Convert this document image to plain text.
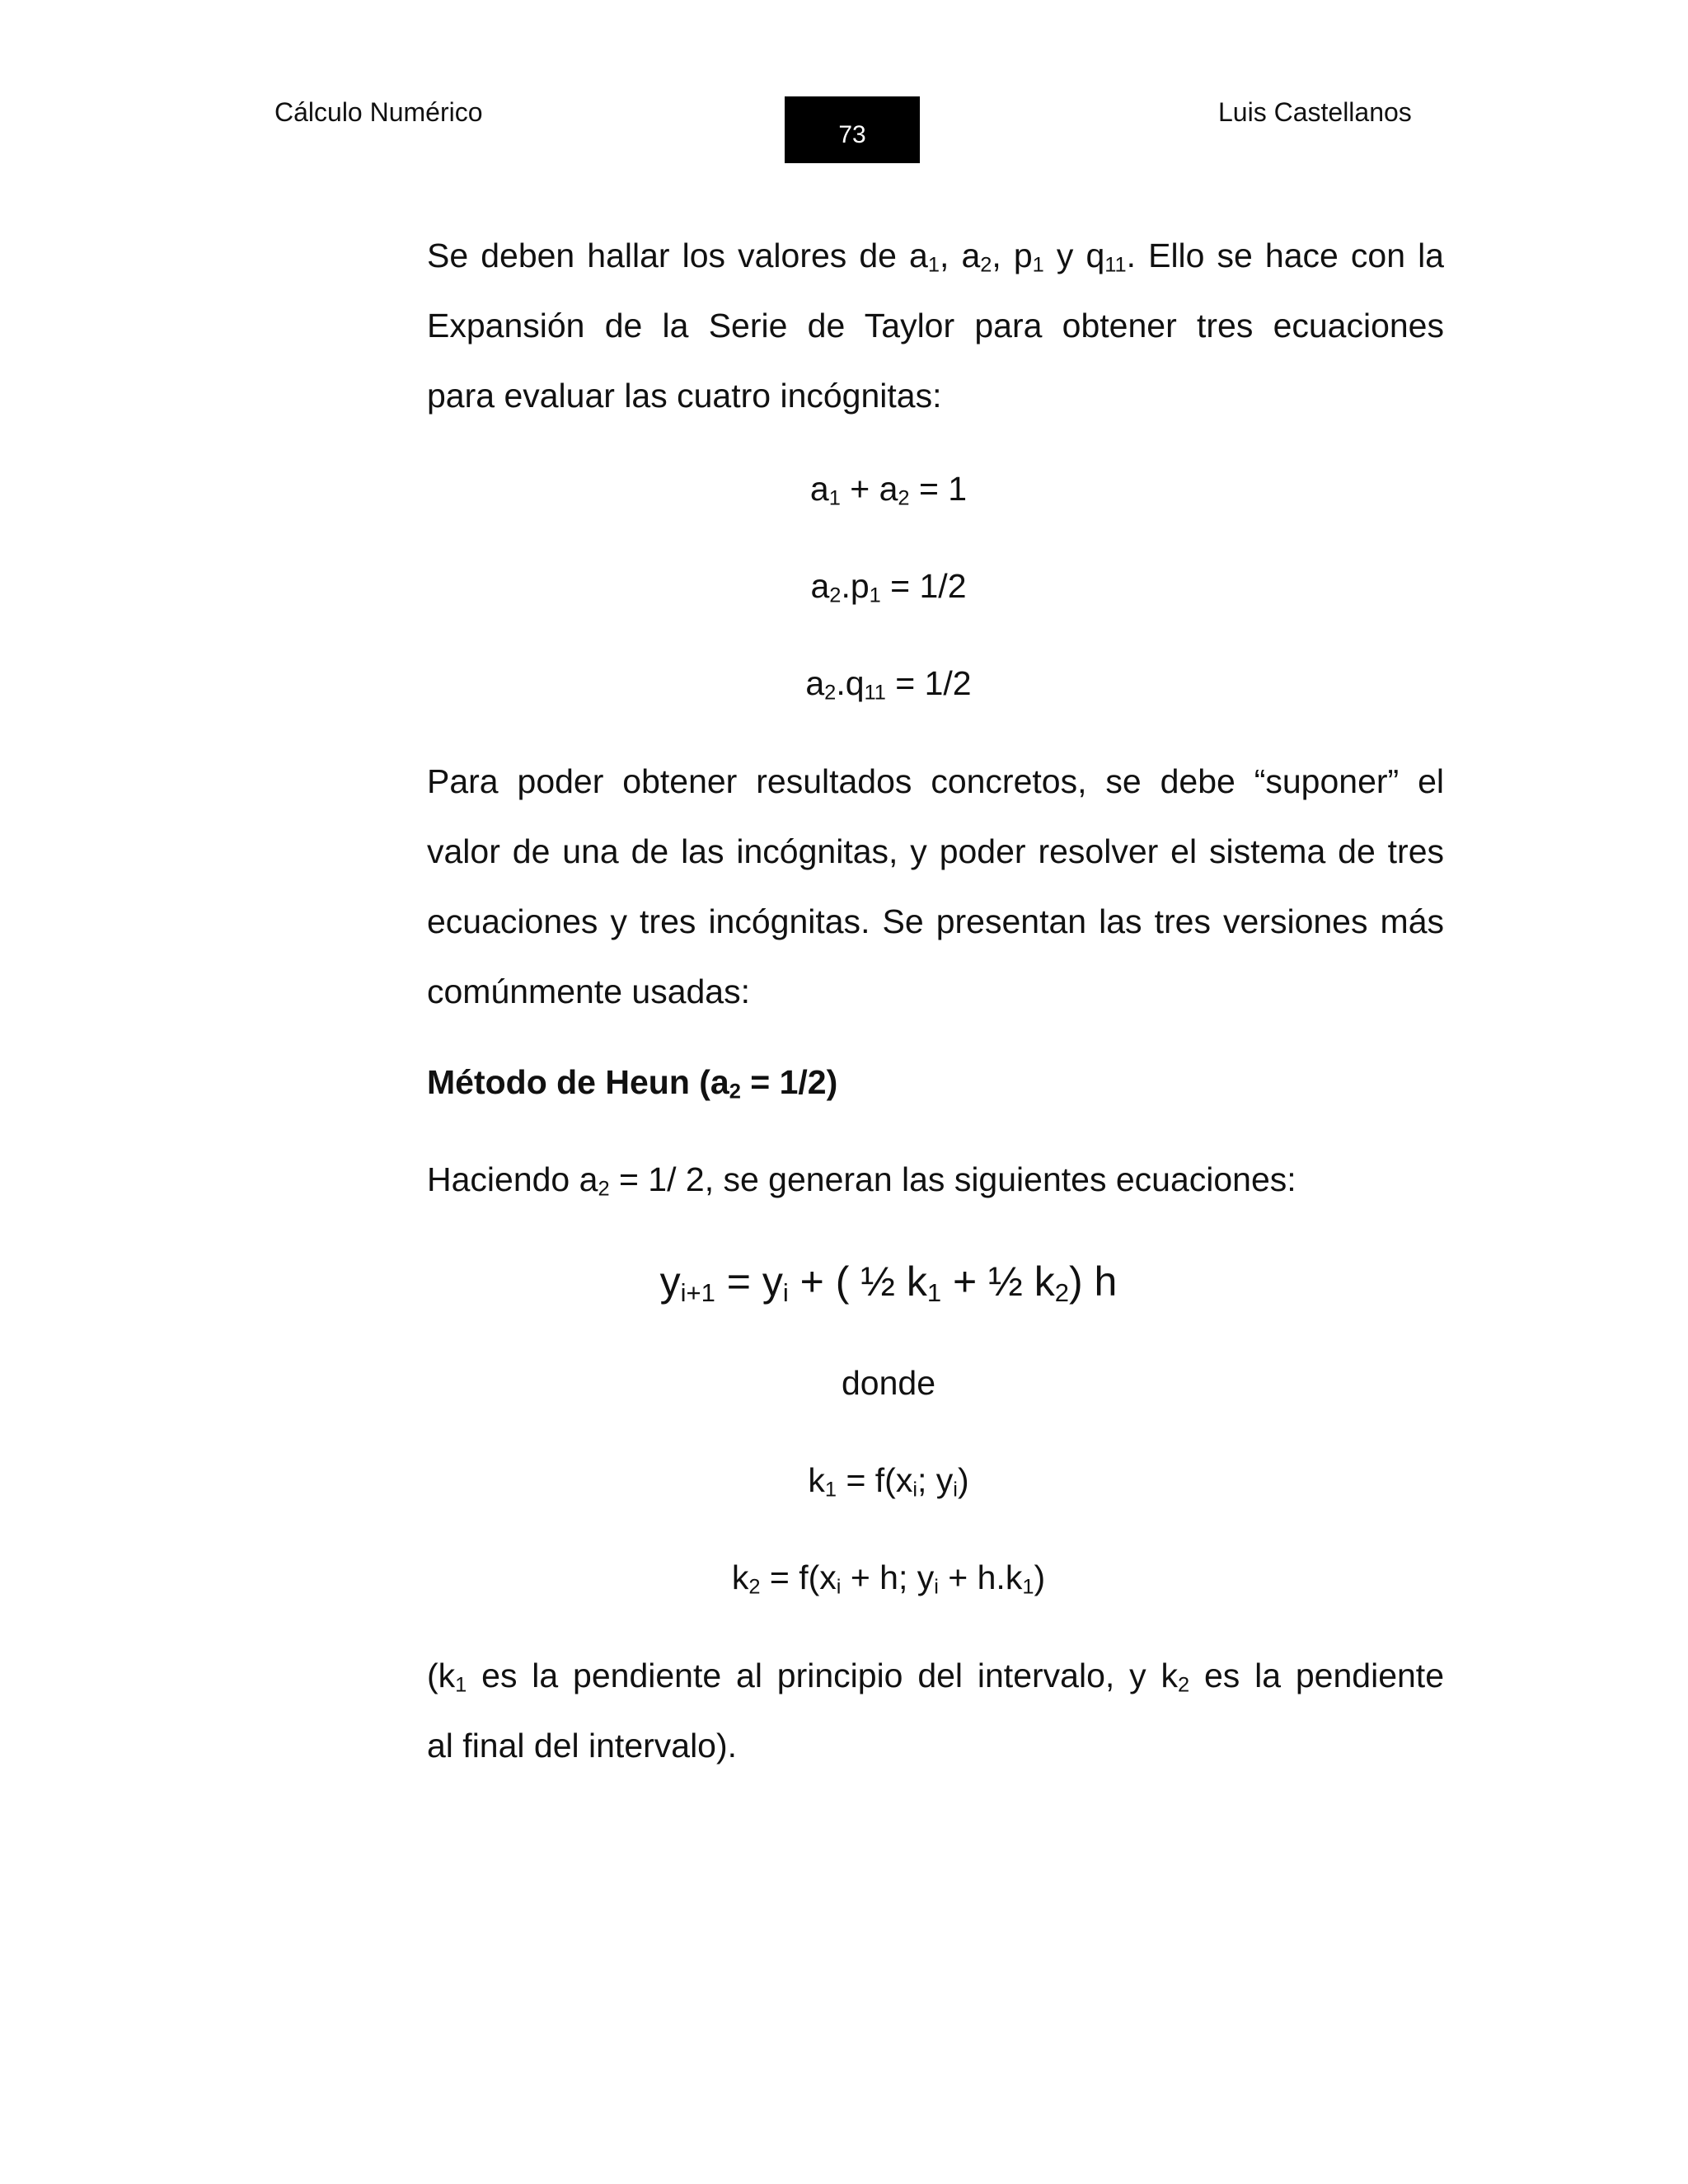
Cálculo Numérico
73
Luis Castellanos
Se deben hallar los valores de $a_1$, $a_2$, $p_1$ y $q_{11}$. Ello se hace con la
Expansión de la Serie de Taylor para obtener tres ecuaciones
para evaluar las cuatro incógnitas:
$a_1 + a_2 = 1$
$a_2.p_1 = 1/2$
$a_2.q_{11} = 1/2$
Para poder obtener resultados concretos, se debe “suponer” el
valor de una de las incógnitas, y poder resolver el sistema de tres
ecuaciones y tres incógnitas. Se presentan las tres versiones más
comúnmente usadas:
Método de Heun $(a_2 = 1/2)$
Haciendo $a_2 = 1/$ 2, se generan las siguientes ecuaciones:
$y_{i+1} = y_i$ + ( ½ $k_1$ + ½ $k_2$) h
donde
$k_1 = f(x_i$; $y_i$)
$k_2 = f(x_i + h$; $y_i + h.k_1$)
($k_1$ es la pendiente al principio del intervalo, y $k_2$ es la pendiente
al final del intervalo).
